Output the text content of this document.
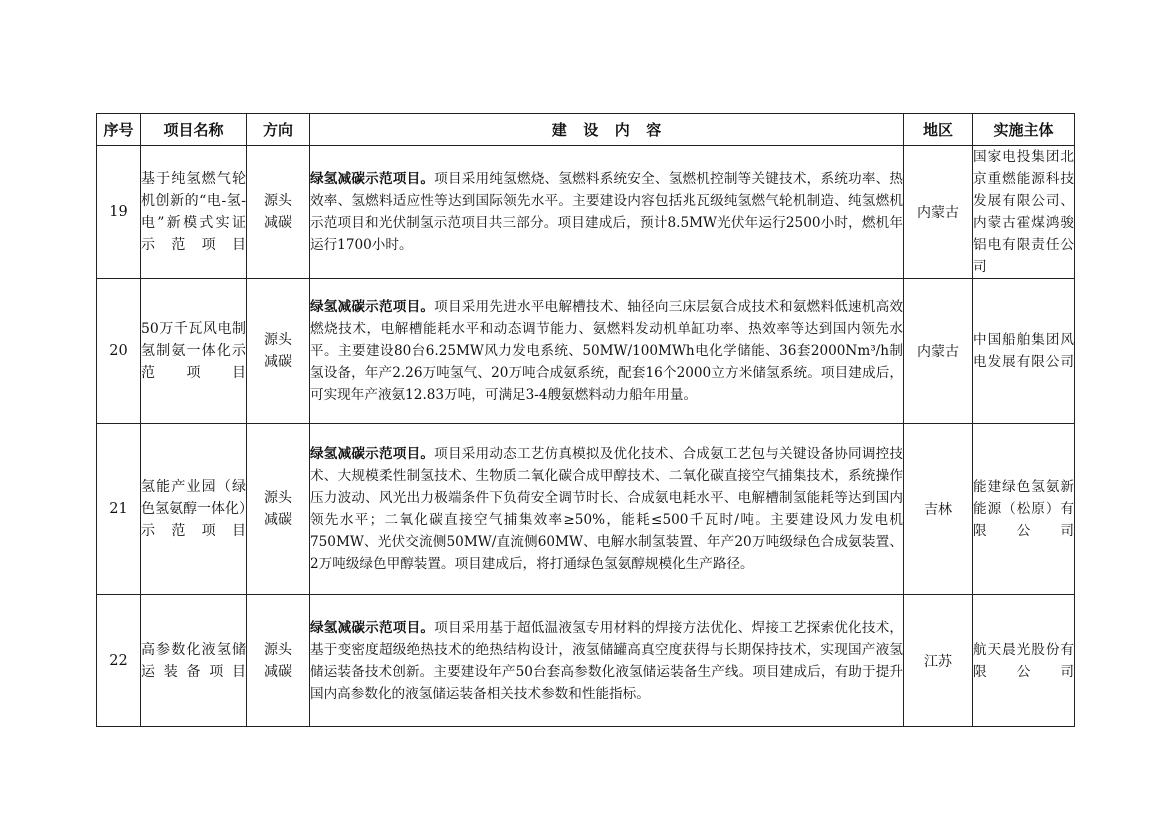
序号	项目名称	方向	建设内容	地区	实施主体
19	基于纯氢燃气轮机创新的“电-氢-电”新模式实证示范项目	源头减碳	绿氢减碳示范项目。项目采用纯氢燃烧、氢燃料系统安全、氢燃机控制等关键技术，系统功率、热效率、氢燃料适应性等达到国际领先水平。主要建设内容包括兆瓦级纯氢燃气轮机制造、纯氢燃机示范项目和光伏制氢示范项目共三部分。项目建成后，预计8.5MW光伏年运行2500小时，燃机年运行1700小时。	内蒙古	国家电投集团北京重燃能源科技发展有限公司、内蒙古霍煤鸿骏铝电有限责任公司
20	50万千瓦风电制氢制氨一体化示范项目	源头减碳	绿氢减碳示范项目。项目采用先进水平电解槽技术、轴径向三床层氨合成技术和氨燃料低速机高效燃烧技术，电解槽能耗水平和动态调节能力、氨燃料发动机单缸功率、热效率等达到国内领先水平。主要建设80台6.25MW风力发电系统、50MW/100MWh电化学储能、36套2000Nm³/h制氢设备，年产2.26万吨氢气、20万吨合成氨系统，配套16个2000立方米储氢系统。项目建成后，可实现年产液氨12.83万吨，可满足3-4艘氨燃料动力船年用量。	内蒙古	中国船舶集团风电发展有限公司
21	氢能产业园（绿色氢氨醇一体化）示范项目	源头减碳	绿氢减碳示范项目。项目采用动态工艺仿真模拟及优化技术、合成氨工艺包与关键设备协同调控技术、大规模柔性制氢技术、生物质二氧化碳合成甲醇技术、二氧化碳直接空气捕集技术，系统操作压力波动、风光出力极端条件下负荷安全调节时长、合成氨电耗水平、电解槽制氢能耗等达到国内领先水平；二氧化碳直接空气捕集效率≥50%，能耗≤500千瓦时/吨。主要建设风力发电机750MW、光伏交流侧50MW/直流侧60MW、电解水制氢装置、年产20万吨级绿色合成氨装置、2万吨级绿色甲醇装置。项目建成后，将打通绿色氢氨醇规模化生产路径。	吉林	能建绿色氢氨新能源（松原）有限公司
22	高参数化液氢储运装备项目	源头减碳	绿氢减碳示范项目。项目采用基于超低温液氢专用材料的焊接方法优化、焊接工艺探索优化技术，基于变密度超级绝热技术的绝热结构设计，液氢储罐高真空度获得与长期保持技术，实现国产液氢储运装备技术创新。主要建设年产50台套高参数化液氢储运装备生产线。项目建成后，有助于提升国内高参数化的液氢储运装备相关技术参数和性能指标。	江苏	航天晨光股份有限公司
